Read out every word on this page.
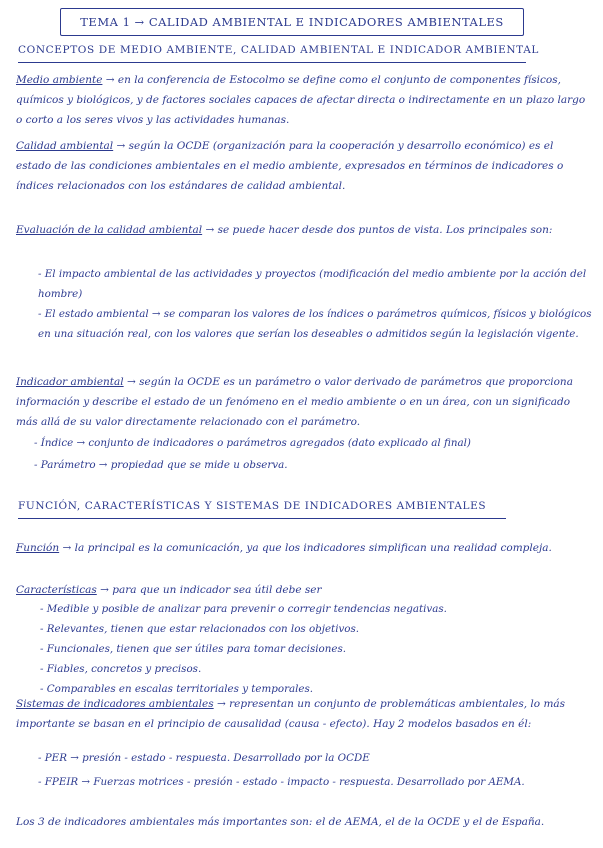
TEMA 1 → CALIDAD AMBIENTAL E INDICADORES AMBIENTALES
CONCEPTOS DE MEDIO AMBIENTE, CALIDAD AMBIENTAL E INDICADOR AMBIENTAL
Medio ambiente → en la conferencia de Estocolmo se define como el conjunto de componentes físicos, químicos y biológicos, y de factores sociales capaces de afectar directa o indirectamente en un plazo largo o corto a los seres vivos y las actividades humanas.
Calidad ambiental → según la OCDE (organización para la cooperación y desarrollo económico) es el estado de las condiciones ambientales en el medio ambiente, expresados en términos de indicadores o índices relacionados con los estándares de calidad ambiental.
Evaluación de la calidad ambiental → se puede hacer desde dos puntos de vista. Los principales son:
- El impacto ambiental de las actividades y proyectos (modificación del medio ambiente por la acción del hombre)
- El estado ambiental → se comparan los valores de los índices o parámetros químicos, físicos y biológicos en una situación real, con los valores que serían los deseables o admitidos según la legislación vigente.
Indicador ambiental → según la OCDE es un parámetro o valor derivado de parámetros que proporciona información y describe el estado de un fenómeno en el medio ambiente o en un área, con un significado más allá de su valor directamente relacionado con el parámetro.
- Índice → conjunto de indicadores o parámetros agregados (dato explicado al final)
- Parámetro → propiedad que se mide u observa.
FUNCIÓN, CARACTERÍSTICAS Y SISTEMAS DE INDICADORES AMBIENTALES
Función → la principal es la comunicación, ya que los indicadores simplifican una realidad compleja.
Características → para que un indicador sea útil debe ser
- Medible y posible de analizar para prevenir o corregir tendencias negativas.
- Relevantes, tienen que estar relacionados con los objetivos.
- Funcionales, tienen que ser útiles para tomar decisiones.
- Fiables, concretos y precisos.
- Comparables en escalas territoriales y temporales.
Sistemas de indicadores ambientales → representan un conjunto de problemáticas ambientales, lo más importante se basan en el principio de causalidad (causa - efecto). Hay 2 modelos basados en él:
- PER → presión - estado - respuesta. Desarrollado por la OCDE
- FPEIR → Fuerzas motrices - presión - estado - impacto - respuesta. Desarrollado por AEMA.
Los 3 de indicadores ambientales más importantes son: el de AEMA, el de la OCDE y el de España.
